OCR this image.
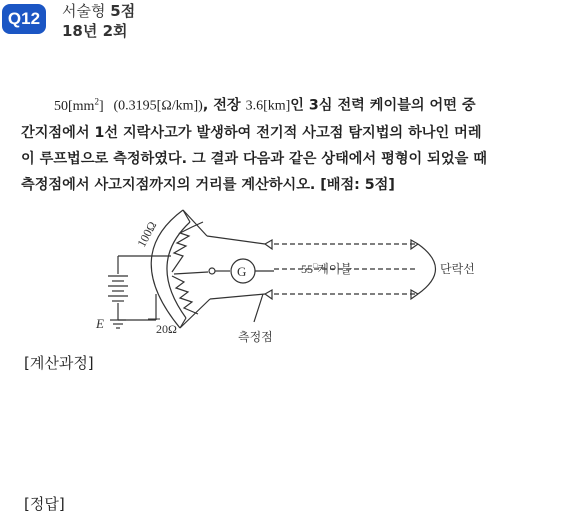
Q12	서술형 5점
18년 2회
$50[mm^2]$ (0.3195[Ω/km]), 전장 3.6[km]인 3심 전력 케이블의 어떤 중
간지점에서 1선 지락사고가 발생하여 전기적 사고점 탐지법의 하나인 머레
이 루프법으로 측정하였다. 그 결과 다음과 같은 상태에서 평형이 되었을 때
측정점에서 사고지점까지의 거리를 계산하시오. [배점: 5점]
100Ω
20Ω
G	55□케이블	단락선
E
측정점
[계산과정]
[정답]
